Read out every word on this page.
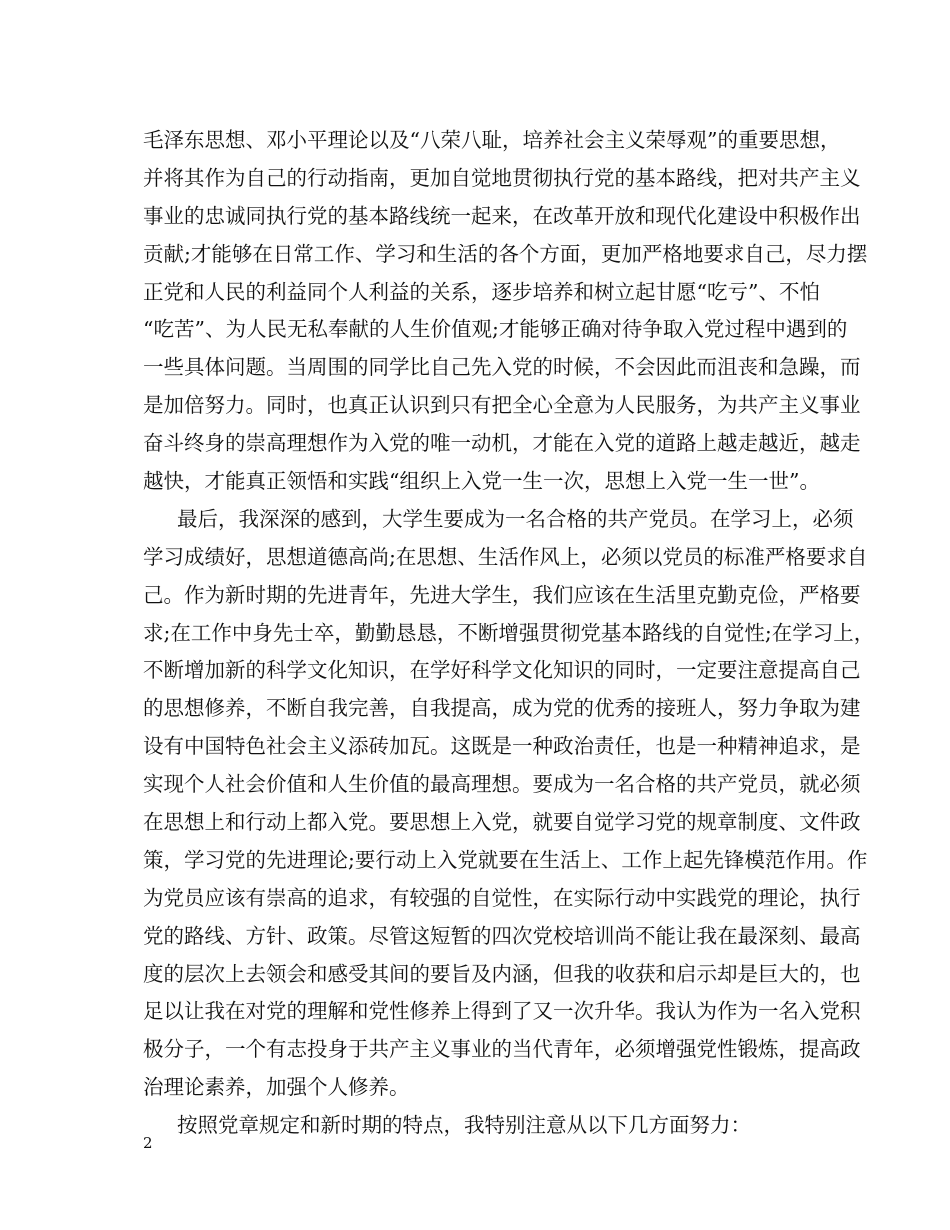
毛泽东思想、邓小平理论以及“八荣八耻，培养社会主义荣辱观”的重要思想，
并将其作为自己的行动指南，更加自觉地贯彻执行党的基本路线，把对共产主义
事业的忠诚同执行党的基本路线统一起来，在改革开放和现代化建设中积极作出
贡献;才能够在日常工作、学习和生活的各个方面，更加严格地要求自己，尽力摆
正党和人民的利益同个人利益的关系，逐步培养和树立起甘愿“吃亏”、不怕
“吃苦”、为人民无私奉献的人生价值观;才能够正确对待争取入党过程中遇到的
一些具体问题。当周围的同学比自己先入党的时候，不会因此而沮丧和急躁，而
是加倍努力。同时，也真正认识到只有把全心全意为人民服务，为共产主义事业
奋斗终身的崇高理想作为入党的唯一动机，才能在入党的道路上越走越近，越走
越快，才能真正领悟和实践“组织上入党一生一次，思想上入党一生一世”。
最后，我深深的感到，大学生要成为一名合格的共产党员。在学习上，必须
学习成绩好，思想道德高尚;在思想、生活作风上，必须以党员的标准严格要求自
己。作为新时期的先进青年，先进大学生，我们应该在生活里克勤克俭，严格要
求;在工作中身先士卒，勤勤恳恳，不断增强贯彻党基本路线的自觉性;在学习上，
不断增加新的科学文化知识，在学好科学文化知识的同时，一定要注意提高自己
的思想修养，不断自我完善，自我提高，成为党的优秀的接班人，努力争取为建
设有中国特色社会主义添砖加瓦。这既是一种政治责任，也是一种精神追求，是
实现个人社会价值和人生价值的最高理想。要成为一名合格的共产党员，就必须
在思想上和行动上都入党。要思想上入党，就要自觉学习党的规章制度、文件政
策，学习党的先进理论;要行动上入党就要在生活上、工作上起先锋模范作用。作
为党员应该有崇高的追求，有较强的自觉性，在实际行动中实践党的理论，执行
党的路线、方针、政策。尽管这短暂的四次党校培训尚不能让我在最深刻、最高
度的层次上去领会和感受其间的要旨及内涵，但我的收获和启示却是巨大的，也
足以让我在对党的理解和党性修养上得到了又一次升华。我认为作为一名入党积
极分子，一个有志投身于共产主义事业的当代青年，必须增强党性锻炼，提高政
治理论素养，加强个人修养。
按照党章规定和新时期的特点，我特别注意从以下几方面努力：
2
